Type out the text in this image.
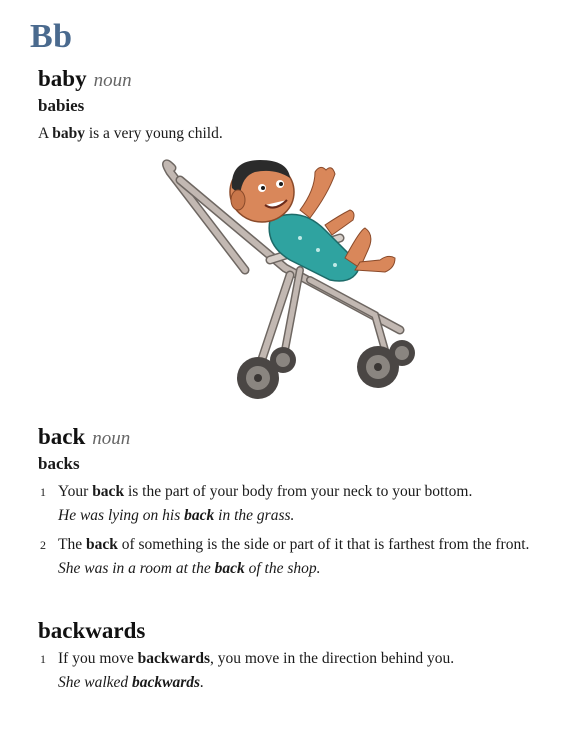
Bb
baby noun
babies

A baby is a very young child.

back noun
backs
1 Your back is the part of your body from your neck to your bottom.
He was lying on his back in the grass.
2 The back of something is the side or part of it that is farthest from the front.
She was in a room at the back of the shop.
backwards
1 If you move backwards, you move in the direction behind you.
She walked backwards.
